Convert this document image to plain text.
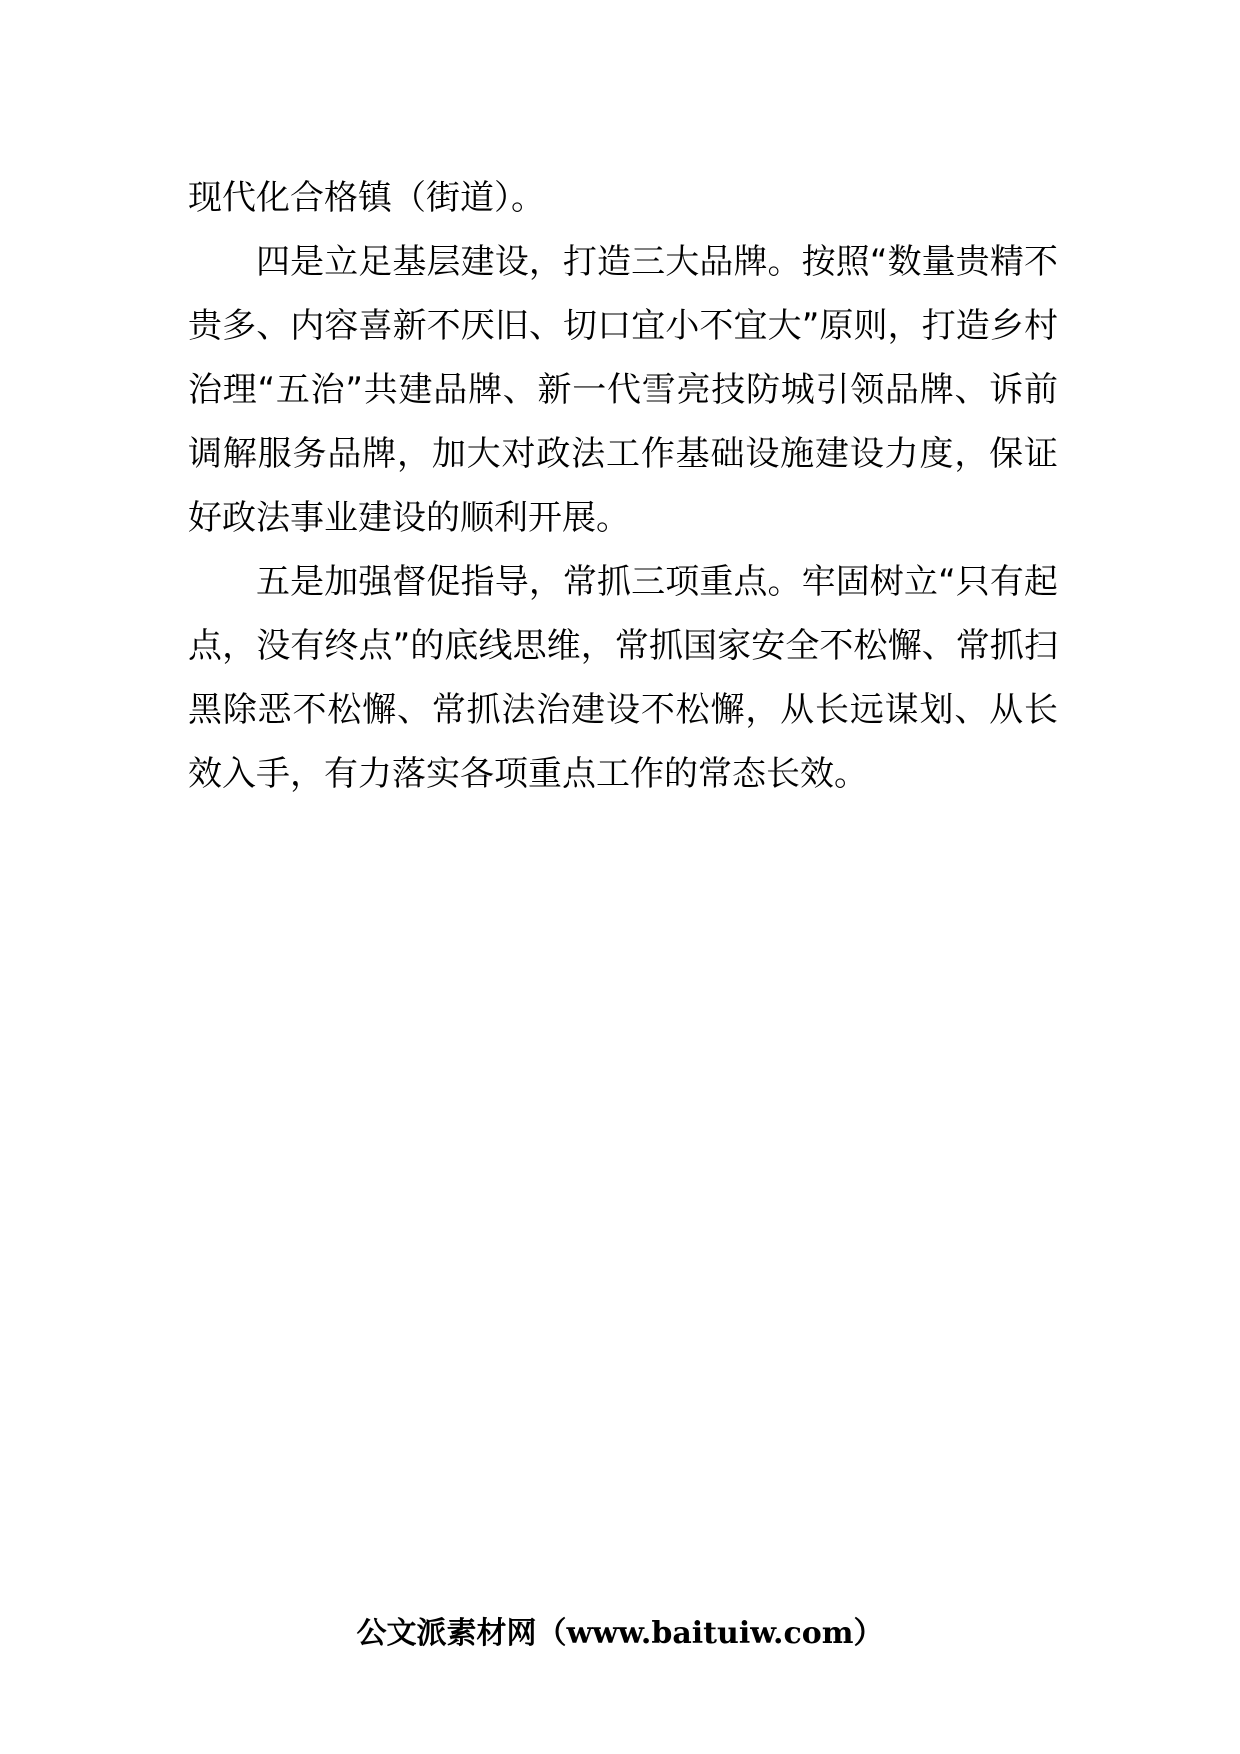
现代化合格镇（街道）。

四是立足基层建设，打造三大品牌。按照“数量贵精不贵多、内容喜新不厌旧、切口宜小不宜大”原则，打造乡村治理“五治”共建品牌、新一代雪亮技防城引领品牌、诉前调解服务品牌，加大对政法工作基础设施建设力度，保证好政法事业建设的顺利开展。

五是加强督促指导，常抓三项重点。牢固树立“只有起点，没有终点”的底线思维，常抓国家安全不松懈、常抓扫黑除恶不松懈、常抓法治建设不松懈，从长远谋划、从长效入手，有力落实各项重点工作的常态长效。

公文派素材网（www.baituiw.com）
